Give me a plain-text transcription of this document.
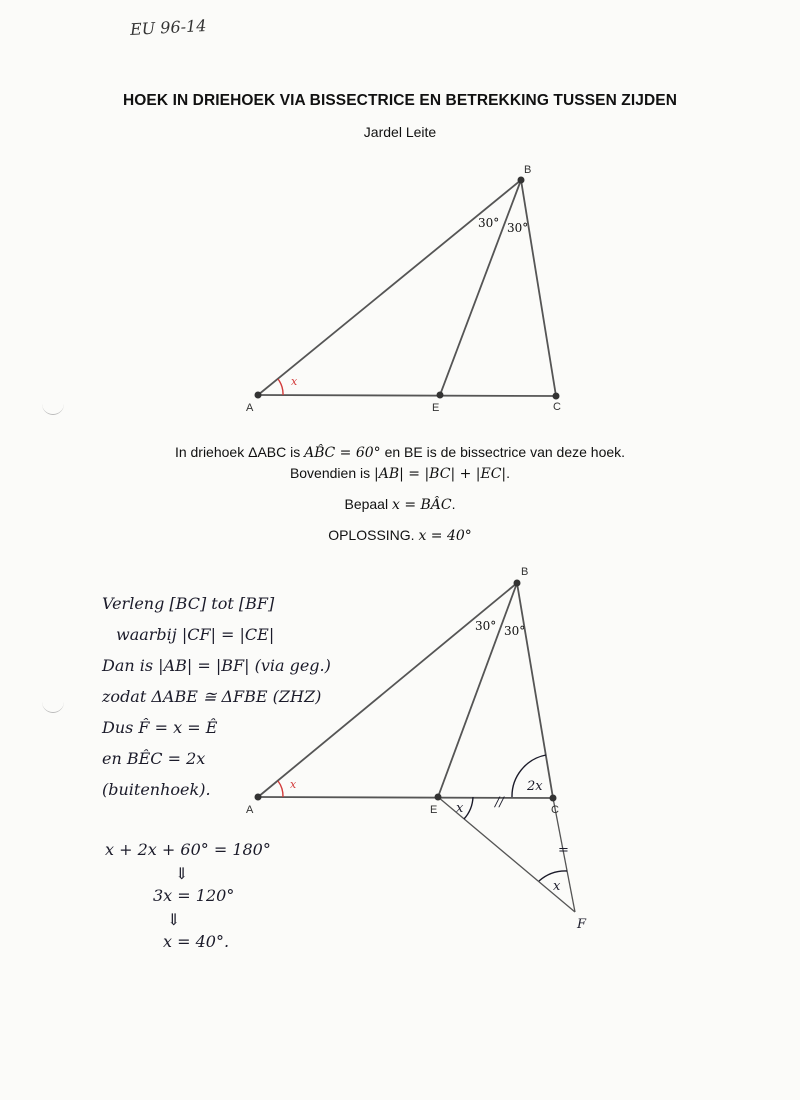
EU 96-14
HOEK IN DRIEHOEK VIA BISSECTRICE EN BETREKKING TUSSEN ZIJDEN
Jardel Leite
A
B
C
E
30° 30°
x
A
B
C
E
F
30° 30°
x
x
2x
x
//
=
In driehoek ΔABC is AB̂C = 60° en BE is de bissectrice van deze hoek.
Bovendien is |AB| = |BC| + |EC|.
Bepaal x = BÂC.
OPLOSSING. x = 40°
Verleng [BC] tot [BF]
waarbij |CF| = |CE|
Dan is |AB| = |BF| (via geg.)
zodat ΔABE ≅ ΔFBE (ZHZ)
Dus F̂ = x = Ê
en BÊC = 2x
(buitenhoek).
x + 2x + 60° = 180°
⇓
3x = 120°
⇓
x = 40°.
